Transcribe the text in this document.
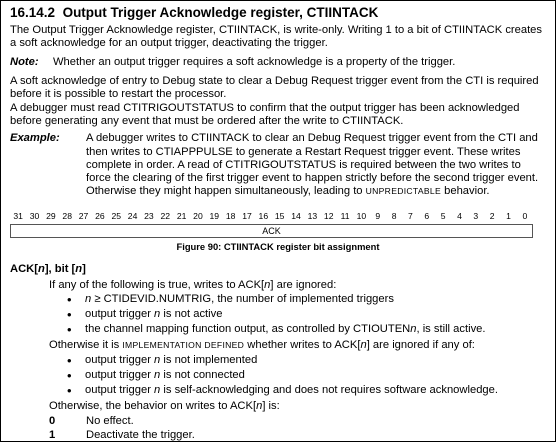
16.14.2 Output Trigger Acknowledge register, CTIINTACK
The Output Trigger Acknowledge register, CTIINTACK, is write-only. Writing 1 to a bit of CTIINTACK creates
a soft acknowledge for an output trigger, deactivating the trigger.
Note: Whether an output trigger requires a soft acknowledge is a property of the trigger.
A soft acknowledge of entry to Debug state to clear a Debug Request trigger event from the CTI is required
before it is possible to restart the processor.
A debugger must read CTITRIGOUTSTATUS to confirm that the output trigger has been acknowledged
before generating any event that must be ordered after the write to CTIINTACK.
Example: A debugger writes to CTIINTACK to clear an Debug Request trigger event from the CTI and
then writes to CTIAPPPULSE to generate a Restart Request trigger event. These writes
complete in order. A read of CTITRIGOUTSTATUS is required between the two writes to
force the clearing of the first trigger event to happen strictly before the second trigger event.
Otherwise they might happen simultaneously, leading to UNPREDICTABLE behavior.
31 30 29 28 27 26 25 24 23 22 21 20 19 18 17 16 15 14 13 12 11 10	9	8	7	6	5	4	3	2	1	0
ACK
Figure 90: CTIINTACK register bit assignment
ACK[n], bit [n]
If any of the following is true, writes to ACK[n] are ignored:
• n ≥ CTIDEVID.NUMTRIG, the number of implemented triggers
• output trigger n is not active
• the channel mapping function output, as controlled by CTIOUTENn, is still active.
Otherwise it is IMPLEMENTATION DEFINED whether writes to ACK[n] are ignored if any of:
• output trigger n is not implemented
• output trigger n is not connected
• output trigger n is self-acknowledging and does not requires software acknowledge.
Otherwise, the behavior on writes to ACK[n] is:
0	No effect.
1	Deactivate the trigger.
